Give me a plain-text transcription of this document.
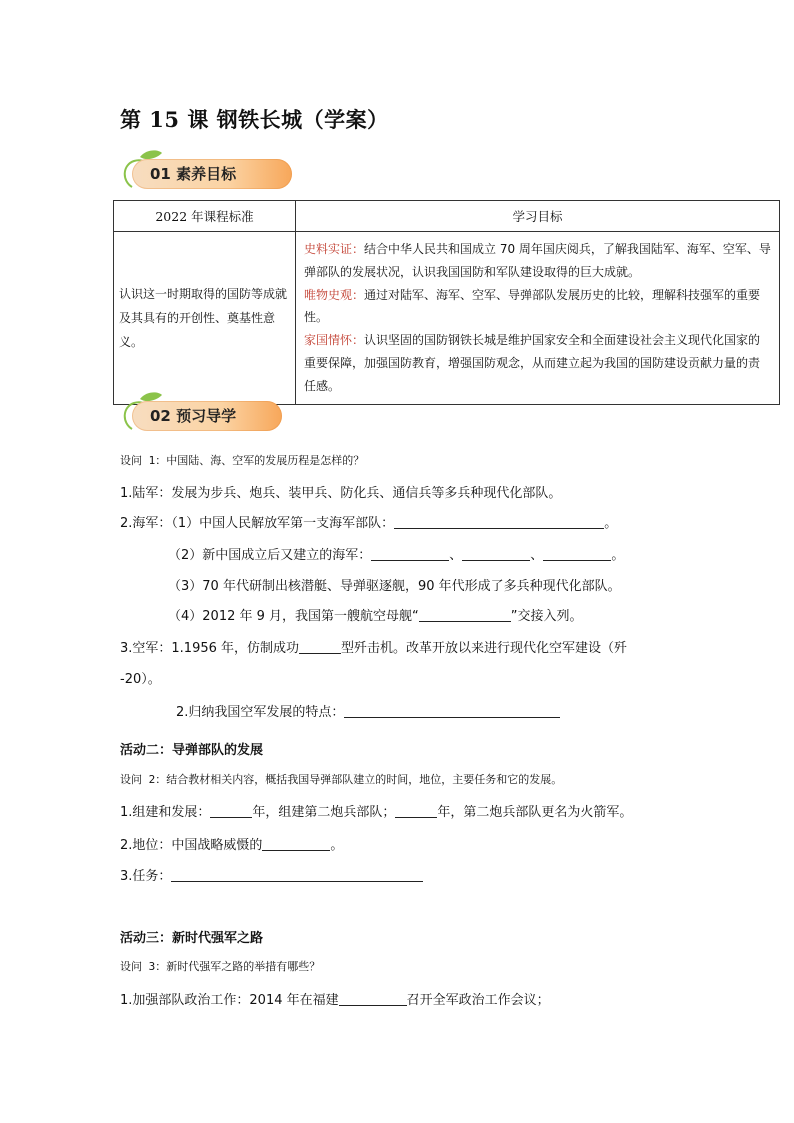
第 15 课 钢铁长城（学案）
01 素养目标
2022 年课程标准	学习目标
认识这一时期取得的国防等成就及其具有的开创性、奠基性意义。	史料实证：结合中华人民共和国成立 70 周年国庆阅兵，了解我国陆军、海军、空军、导弹部队的发展状况，认识我国国防和军队建设取得的巨大成就。
唯物史观：通过对陆军、海军、空军、导弹部队发展历史的比较，理解科技强军的重要性。
家国情怀：认识坚固的国防钢铁长城是维护国家安全和全面建设社会主义现代化国家的重要保障，加强国防教育，增强国防观念，从而建立起为我国的国防建设贡献力量的责任感。
02 预习导学
设问 1：中国陆、海、空军的发展历程是怎样的？
1.陆军：发展为步兵、炮兵、装甲兵、防化兵、通信兵等多兵种现代化部队。
2.海军：（1）中国人民解放军第一支海军部队：	。
（2）新中国成立后又建立的海军：	、	、	。
（3）70 年代研制出核潜艇、导弹驱逐舰，90 年代形成了多兵种现代化部队。
（4）2012 年 9 月，我国第一艘航空母舰“	”交接入列。
3.空军：1.1956 年，仿制成功	型歼击机。改革开放以来进行现代化空军建设（歼
-20）。
2.归纳我国空军发展的特点：
活动二：导弹部队的发展
设问 2：结合教材相关内容，概括我国导弹部队建立的时间，地位，主要任务和它的发展。
1.组建和发展：	年，组建第二炮兵部队；	年，第二炮兵部队更名为火箭军。
2.地位：中国战略威慑的	。
3.任务：
活动三：新时代强军之路
设问 3：新时代强军之路的举措有哪些？
1.加强部队政治工作：2014 年在福建	召开全军政治工作会议；
